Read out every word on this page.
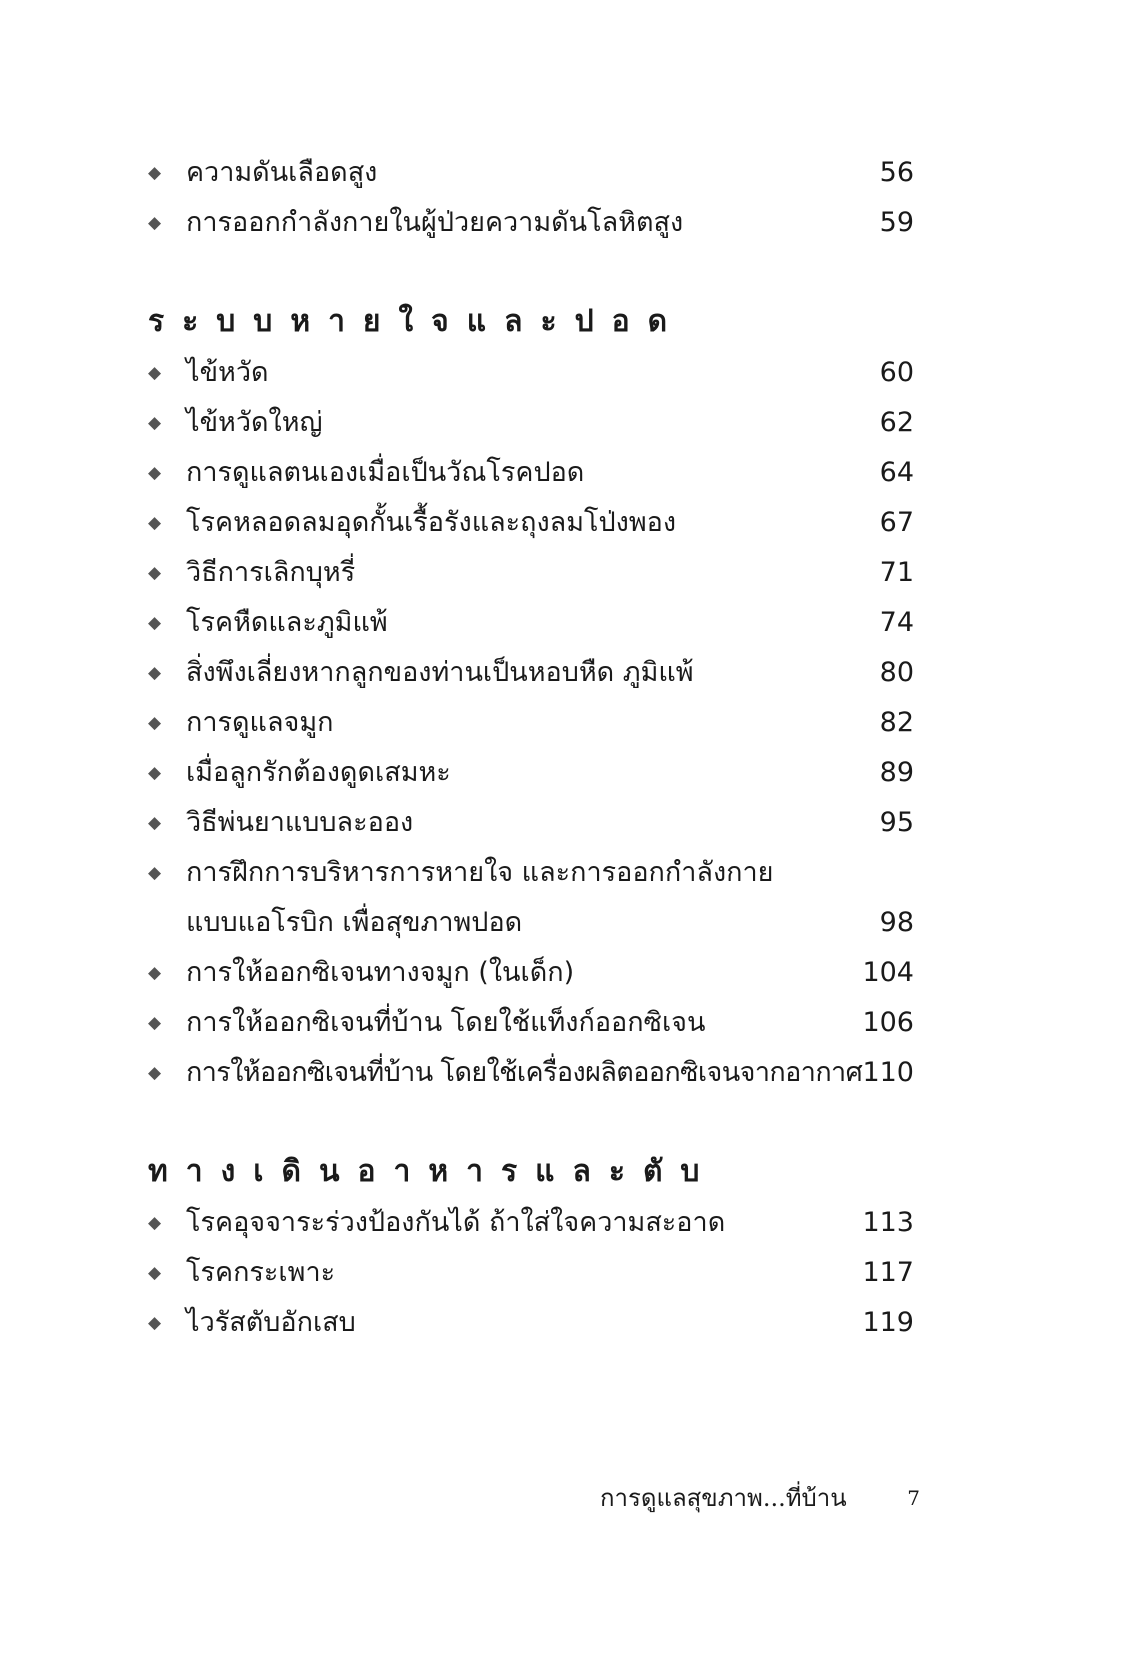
◆ ความดันเลือดสูง	56
◆ การออกกำลังกายในผู้ป่วยความดันโลหิตสูง	59
ระบบหายใจและปอด
◆ ไข้หวัด	60
◆ ไข้หวัดใหญ่	62
◆ การดูแลตนเองเมื่อเป็นวัณโรคปอด	64
◆ โรคหลอดลมอุดกั้นเรื้อรังและถุงลมโป่งพอง	67
◆ วิธีการเลิกบุหรี่	71
◆ โรคหืดและภูมิแพ้	74
◆ สิ่งพึงเลี่ยงหากลูกของท่านเป็นหอบหืด ภูมิแพ้	80
◆ การดูแลจมูก	82
◆ เมื่อลูกรักต้องดูดเสมหะ	89
◆ วิธีพ่นยาแบบละออง	95
◆ การฝึกการบริหารการหายใจ และการออกกำลังกาย
แบบแอโรบิก เพื่อสุขภาพปอด	98
◆ การให้ออกซิเจนทางจมูก (ในเด็ก)	104
◆ การให้ออกซิเจนที่บ้าน โดยใช้แท็งก์ออกซิเจน	106
◆ การให้ออกซิเจนที่บ้าน โดยใช้เครื่องผลิตออกซิเจนจากอากาศ 110
ทางเดินอาหารและตับ
◆ โรคอุจจาระร่วงป้องกันได้ ถ้าใส่ใจความสะอาด	113
◆ โรคกระเพาะ	117
◆ ไวรัสตับอักเสบ	119
การดูแลสุขภาพ...ที่บ้าน	7
